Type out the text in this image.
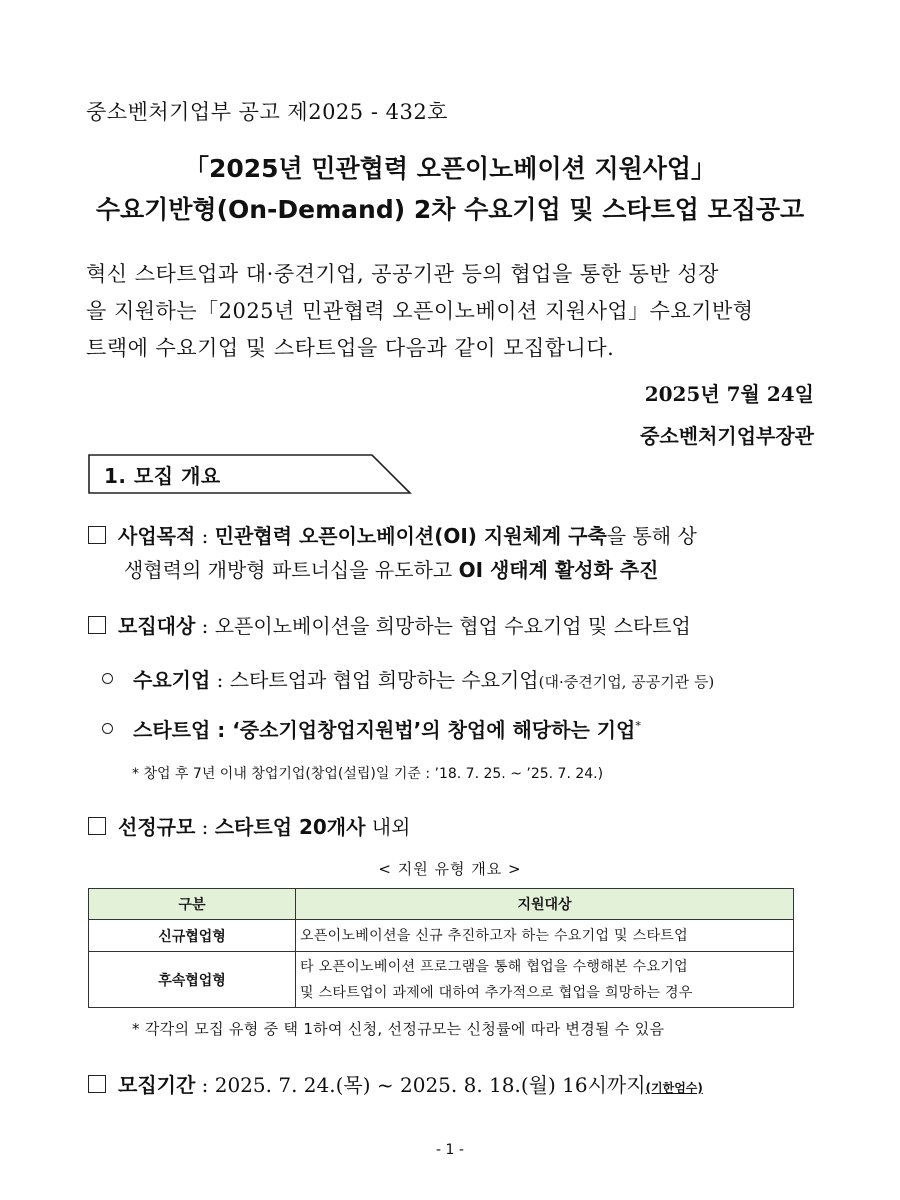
중소벤처기업부 공고 제2025 - 432호
「2025년 민관협력 오픈이노베이션 지원사업」
수요기반형(On-Demand) 2차 수요기업 및 스타트업 모집공고
혁신 스타트업과 대·중견기업, 공공기관 등의 협업을 통한 동반 성장
을 지원하는「2025년 민관협력 오픈이노베이션 지원사업」수요기반형
트랙에 수요기업 및 스타트업을 다음과 같이 모집합니다.
2025년 7월 24일
중소벤처기업부장관
1. 모집 개요
사업목적 : 민관협력 오픈이노베이션(OI) 지원체계 구축을 통해 상
생협력의 개방형 파트너십을 유도하고 OI 생태계 활성화 추진
모집대상 : 오픈이노베이션을 희망하는 협업 수요기업 및 스타트업
수요기업 : 스타트업과 협업 희망하는 수요기업(대·중견기업, 공공기관 등)
스타트업 : ‘중소기업창업지원법’의 창업에 해당하는 기업*
* 창업 후 7년 이내 창업기업(창업(설립)일 기준 : ’18. 7. 25. ~ ’25. 7. 24.)
선정규모 : 스타트업 20개사 내외
< 지원 유형 개요 >
구분	지원대상
신규협업형	오픈이노베이션을 신규 추진하고자 하는 수요기업 및 스타트업
후속협업형	타 오픈이노베이션 프로그램을 통해 협업을 수행해본 수요기업
및 스타트업이 과제에 대하여 추가적으로 협업을 희망하는 경우
* 각각의 모집 유형 중 택 1하여 신청, 선정규모는 신청률에 따라 변경될 수 있음
모집기간 : 2025. 7. 24.(목) ~ 2025. 8. 18.(월) 16시까지(기한엄수)
- 1 -
